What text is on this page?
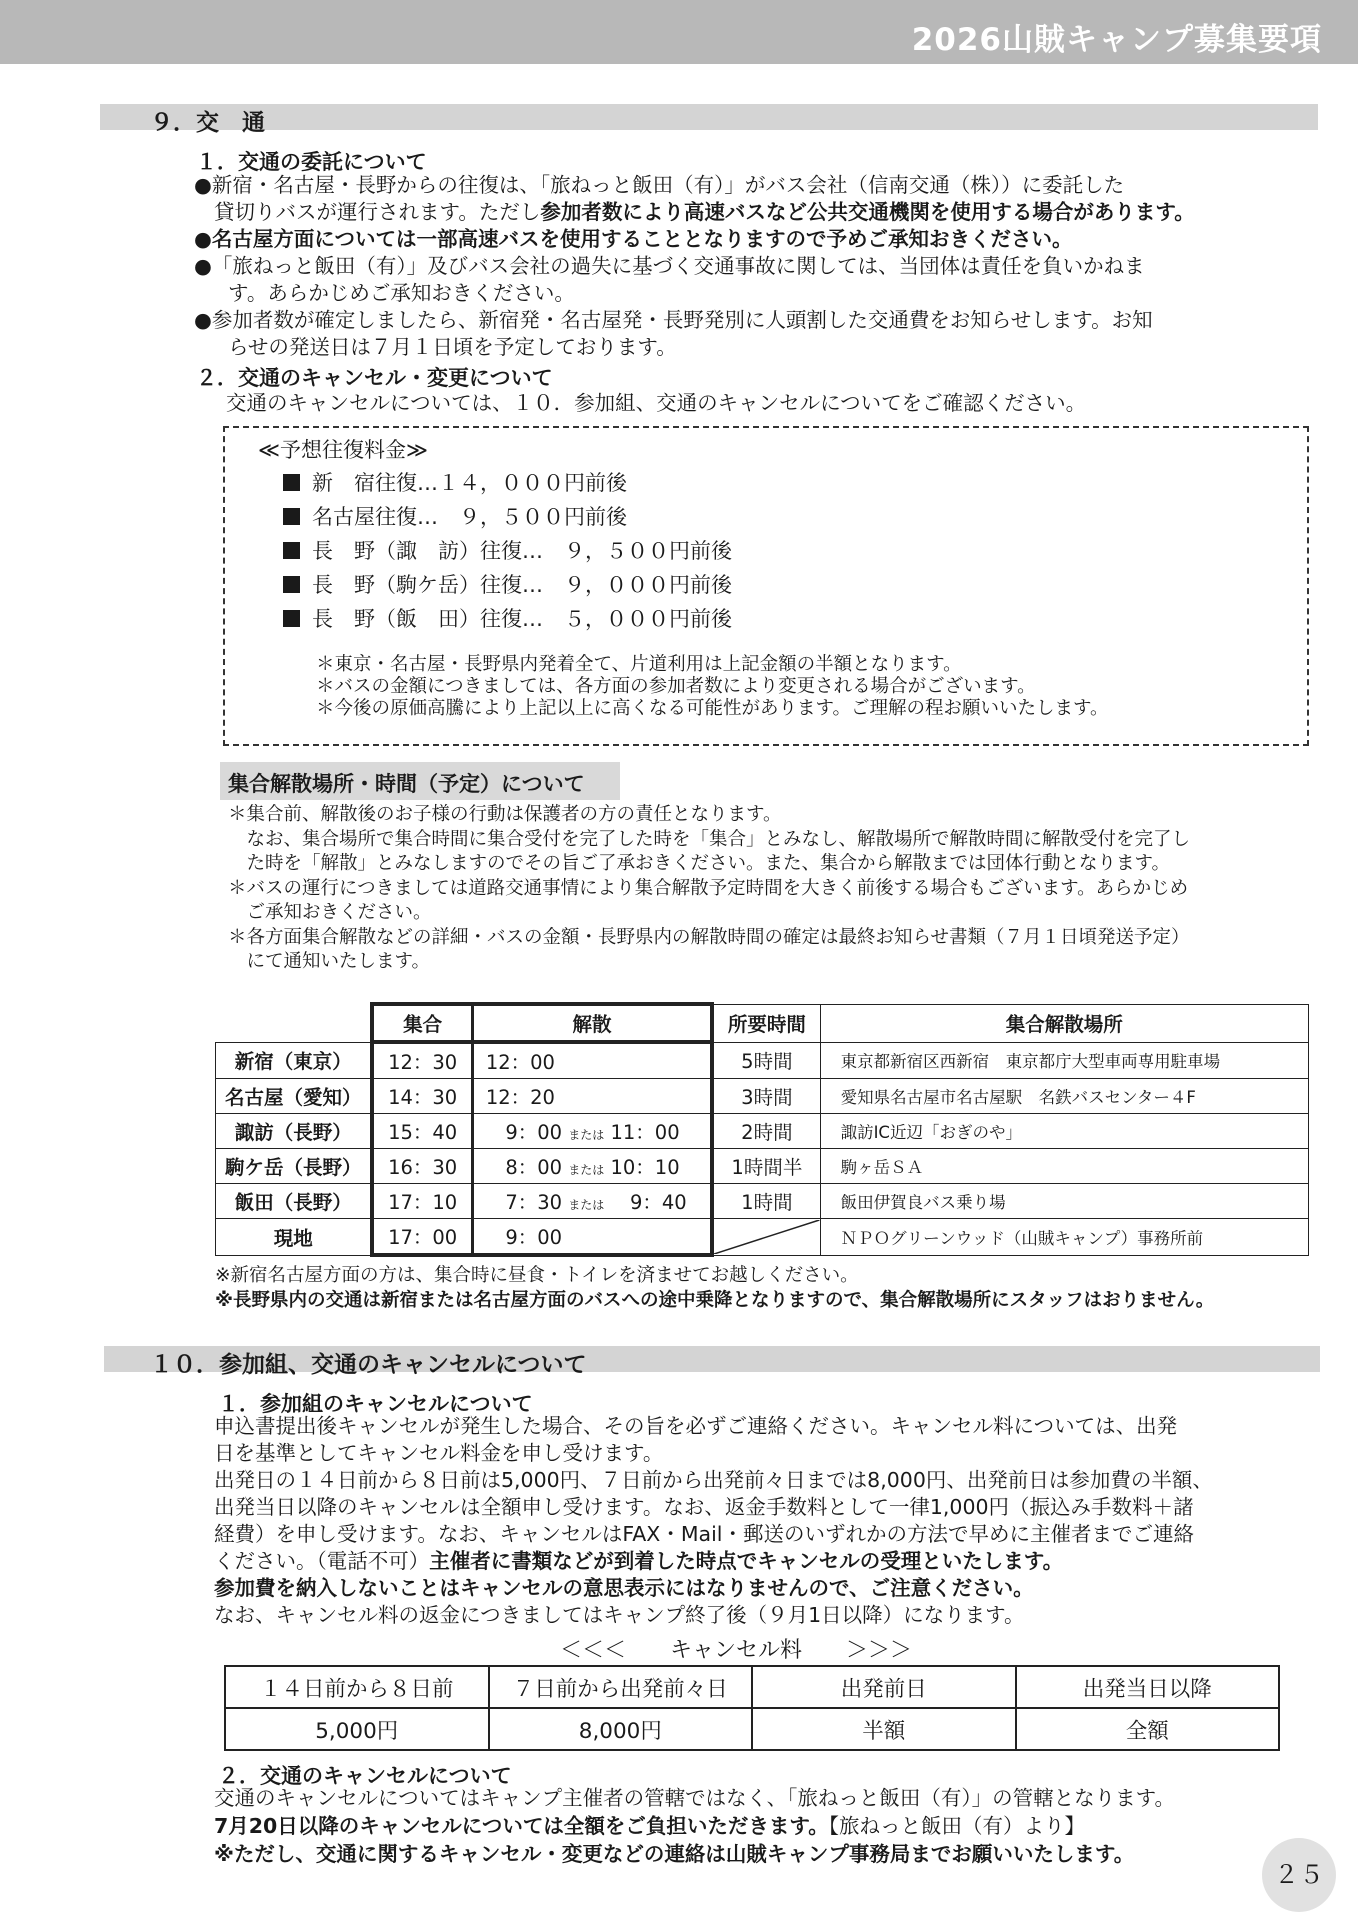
2026山賊キャンプ募集要項
９．交　通
１．交通の委託について
●新宿・名古屋・長野からの往復は、「旅ねっと飯田（有）」がバス会社（信南交通（株））に委託した
貸切りバスが運行されます。ただし参加者数により高速バスなど公共交通機関を使用する場合があります。
●名古屋方面については一部高速バスを使用することとなりますので予めご承知おきください。
●「旅ねっと飯田（有）」及びバス会社の過失に基づく交通事故に関しては、当団体は責任を負いかねま
す。あらかじめご承知おきください。
●参加者数が確定しましたら、新宿発・名古屋発・長野発別に人頭割した交通費をお知らせします。お知
らせの発送日は７月１日頃を予定しております。
２．交通のキャンセル・変更について
交通のキャンセルについては、１０．参加組、交通のキャンセルについてをご確認ください。
≪予想往復料金≫
新　宿往復…１４，０００円前後
名古屋往復…　９，５００円前後
長　野（諏　訪）往復…　９，５００円前後
長　野（駒ケ岳）往復…　９，０００円前後
長　野（飯　田）往復…　５，０００円前後
＊東京・名古屋・長野県内発着全て、片道利用は上記金額の半額となります。
＊バスの金額につきましては、各方面の参加者数により変更される場合がございます。
＊今後の原価高騰により上記以上に高くなる可能性があります。ご理解の程お願いいたします。
集合解散場所・時間（予定）について
＊集合前、解散後のお子様の行動は保護者の方の責任となります。
　なお、集合場所で集合時間に集合受付を完了した時を「集合」とみなし、解散場所で解散時間に解散受付を完了し
　た時を「解散」とみなしますのでその旨ご了承おきください。また、集合から解散までは団体行動となります。
＊バスの運行につきましては道路交通事情により集合解散予定時間を大きく前後する場合もございます。あらかじめ
　ご承知おきください。
＊各方面集合解散などの詳細・バスの金額・長野県内の解散時間の確定は最終お知らせ書類（７月１日頃発送予定）
　にて通知いたします。
	集合	解散	所要時間	集合解散場所
新宿（東京）	12：30	12：00	5時間	東京都新宿区西新宿　東京都庁大型車両専用駐車場
名古屋（愛知）	14：30	12：20	3時間	愛知県名古屋市名古屋駅　名鉄バスセンター４F
諏訪（長野）	15：40	　9：00 または 11：00	2時間	諏訪IC近辺「おぎのや」
駒ケ岳（長野）	16：30	　8：00 または 10：10	1時間半	駒ヶ岳ＳＡ
飯田（長野）	17：10	　7：30 または 　9：40	1時間	飯田伊賀良バス乗り場
現地	17：00	　9：00		ＮＰＯグリーンウッド（山賊キャンプ）事務所前
※新宿名古屋方面の方は、集合時に昼食・トイレを済ませてお越しください。
※長野県内の交通は新宿または名古屋方面のバスへの途中乗降となりますので、集合解散場所にスタッフはおりません。
１０．参加組、交通のキャンセルについて
１．参加組のキャンセルについて
申込書提出後キャンセルが発生した場合、その旨を必ずご連絡ください。キャンセル料については、出発
日を基準としてキャンセル料金を申し受けます。
出発日の１４日前から８日前は5,000円、７日前から出発前々日までは8,000円、出発前日は参加費の半額、
出発当日以降のキャンセルは全額申し受けます。なお、返金手数料として一律1,000円（振込み手数料＋諸
経費）を申し受けます。なお、キャンセルはFAX・Mail・郵送のいずれかの方法で早めに主催者までご連絡
ください。（電話不可）主催者に書類などが到着した時点でキャンセルの受理といたします。
参加費を納入しないことはキャンセルの意思表示にはなりませんので、ご注意ください。
なお、キャンセル料の返金につきましてはキャンプ終了後（９月1日以降）になります。
＜＜＜　　キャンセル料　　＞＞＞
１４日前から８日前	７日前から出発前々日	出発前日	出発当日以降
5,000円	8,000円	半額	全額
２．交通のキャンセルについて
交通のキャンセルについてはキャンプ主催者の管轄ではなく、「旅ねっと飯田（有）」の管轄となります。
7月20日以降のキャンセルについては全額をご負担いただきます。【旅ねっと飯田（有）より】
※ただし、交通に関するキャンセル・変更などの連絡は山賊キャンプ事務局までお願いいたします。
２５
